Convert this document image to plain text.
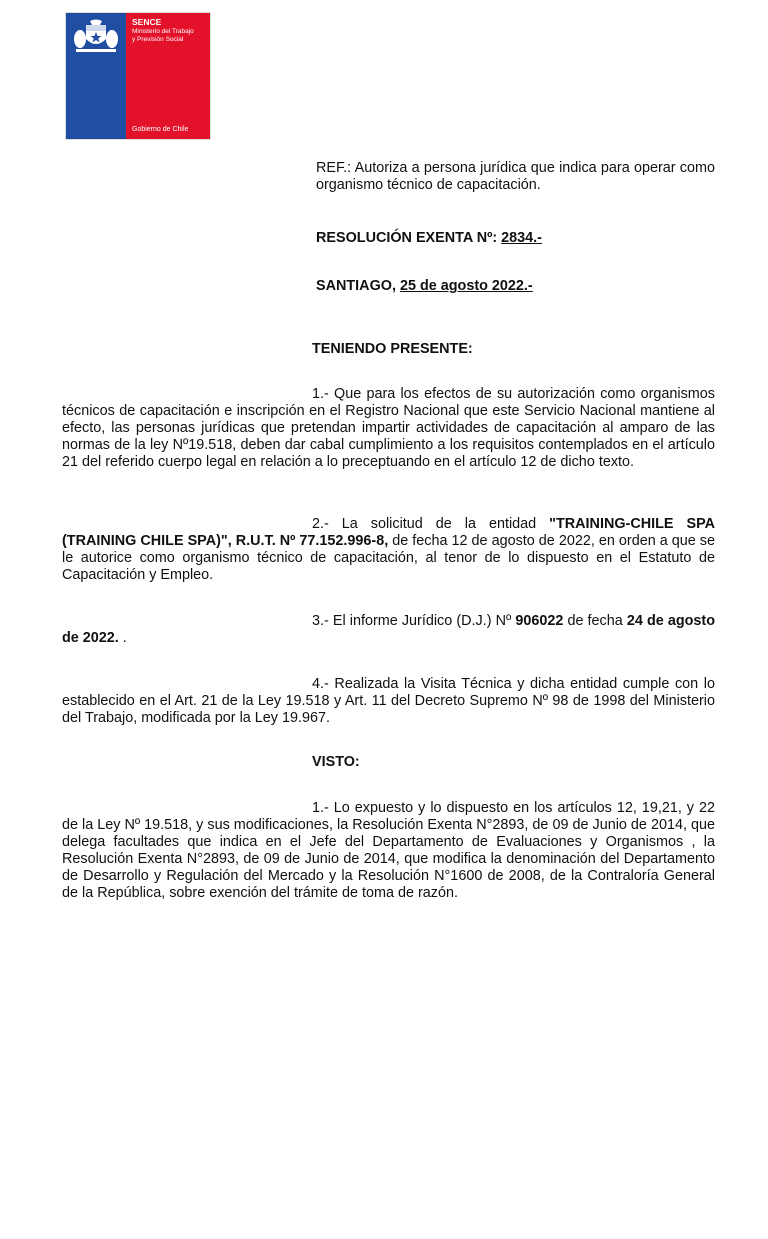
SENCE
Ministerio del Trabajo
y Previsión Social
Gobierno de Chile
REF.: Autoriza a persona jurídica que indica para operar como organismo técnico de capacitación.
RESOLUCIÓN EXENTA Nº: 2834.-
SANTIAGO, 25 de agosto 2022.-
TENIENDO PRESENTE:
1.- Que para los efectos de su autorización como organismos técnicos de capacitación e inscripción en el Registro Nacional que este Servicio Nacional mantiene al efecto, las personas jurídicas que pretendan impartir actividades de capacitación al amparo de las normas de la ley Nº19.518, deben dar cabal cumplimiento a los requisitos contemplados en el artículo 21 del referido cuerpo legal en relación a lo preceptuando en el artículo 12 de dicho texto.
2.- La solicitud de la entidad "TRAINING-CHILE SPA (TRAINING CHILE SPA)", R.U.T. Nº 77.152.996-8, de fecha 12 de agosto de 2022, en orden a que se le autorice como organismo técnico de capacitación, al tenor de lo dispuesto en el Estatuto de Capacitación y Empleo.
3.- El informe Jurídico (D.J.) Nº 906022 de fecha 24 de agosto de 2022. .
4.- Realizada la Visita Técnica y dicha entidad cumple con lo establecido en el Art. 21 de la Ley 19.518 y Art. 11 del Decreto Supremo Nº 98 de 1998 del Ministerio del Trabajo, modificada por la Ley 19.967.
VISTO:
1.- Lo expuesto y lo dispuesto en los artículos 12, 19,21, y 22 de la Ley Nº 19.518, y sus modificaciones, la Resolución Exenta N°2893, de 09 de Junio de 2014, que delega facultades que indica en el Jefe del Departamento de Evaluaciones y Organismos , la Resolución Exenta N°2893, de 09 de Junio de 2014, que modifica la denominación del Departamento de Desarrollo y Regulación del Mercado y la Resolución N°1600 de 2008, de la Contraloría General de la República, sobre exención del trámite de toma de razón.
